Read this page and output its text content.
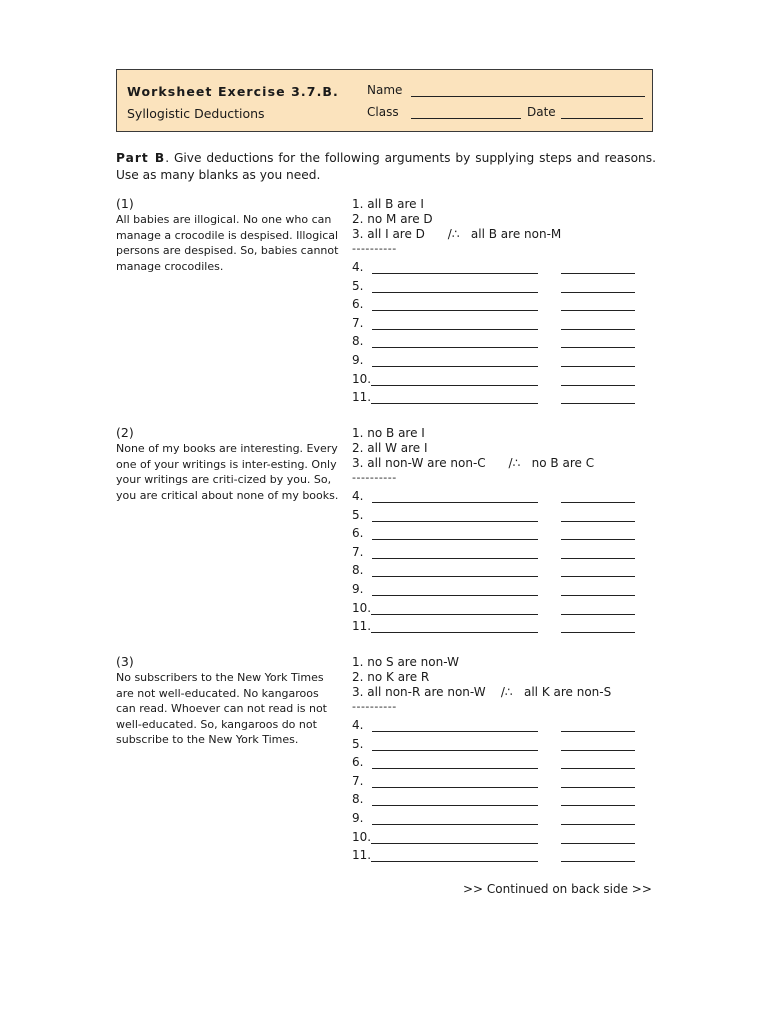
Worksheet Exercise 3.7.B.
Syllogistic Deductions
Name
Class	Date
Part B. Give deductions for the following arguments by supplying steps and reasons. Use as many blanks as you need.
(1)
All babies are illogical. No one who can manage a crocodile is despised. Illogical persons are despised. So, babies cannot manage crocodiles.
1. all B are I
2. no M are D
3. all I are D      /∴   all B are non-M
----------
4.
5.
6.
7.
8.
9.
10.
11.
(2)
None of my books are interesting. Every one of your writings is inter-esting. Only your writings are criti-cized by you. So, you are critical about none of my books.
1. no B are I
2. all W are I
3. all non-W are non-C      /∴   no B are C
----------
4.
5.
6.
7.
8.
9.
10.
11.
(3)
No subscribers to the New York Times are not well-educated. No kangaroos can read. Whoever can not read is not well-educated. So, kangaroos do not subscribe to the New York Times.
1. no S are non-W
2. no K are R
3. all non-R are non-W    /∴   all K are non-S
----------
4.
5.
6.
7.
8.
9.
10.
11.
>> Continued on back side >>
